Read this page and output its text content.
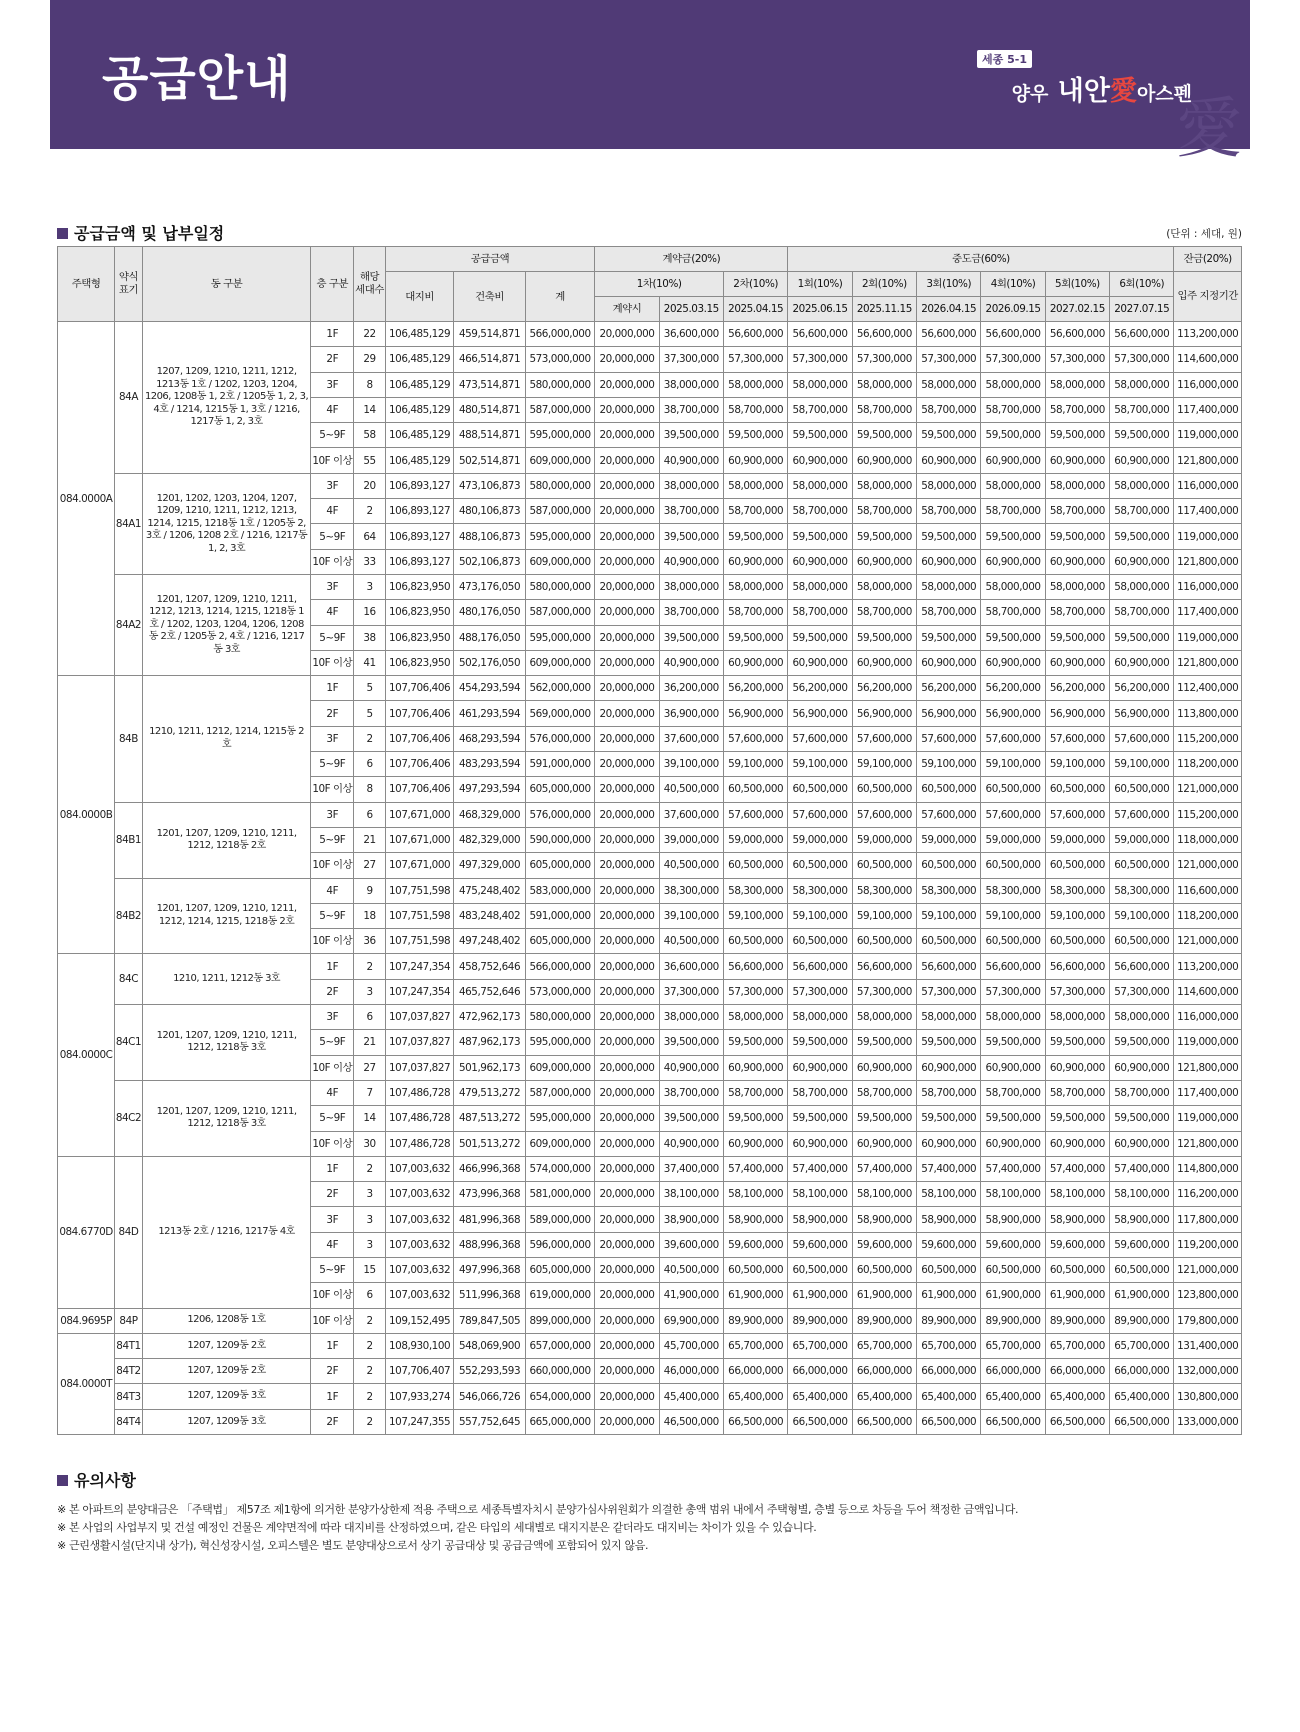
공급안내
愛
세종 5-1
양우 내안愛아스펜
공급금액 및 납부일정	(단위 : 세대, 원)
주택형	약식 표기	동 구분	층 구분	해당 세대수	공급금액			계약금(20%)			중도금(60%)						잔금(20%)
					대지비	건축비	계	1차(10%)		2차(10%)	1회(10%)	2회(10%)	3회(10%)	4회(10%)	5회(10%)	6회(10%)	입주 지정기간
								계약시	2025.03.15	2025.04.15	2025.06.15	2025.11.15	2026.04.15	2026.09.15	2027.02.15	2027.07.15	
084.0000A	84A	1207, 1209, 1210, 1211, 1212, 1213동 1호 / 1202, 1203, 1204, 1206, 1208동 1, 2호 / 1205동 1, 2, 3, 4호 / 1214, 1215동 1, 3호 / 1216, 1217동 1, 2, 3호	1F	22	106,485,129	459,514,871	566,000,000	20,000,000	36,600,000	56,600,000	56,600,000	56,600,000	56,600,000	56,600,000	56,600,000	56,600,000	113,200,000
			2F	29	106,485,129	466,514,871	573,000,000	20,000,000	37,300,000	57,300,000	57,300,000	57,300,000	57,300,000	57,300,000	57,300,000	57,300,000	114,600,000
			3F	8	106,485,129	473,514,871	580,000,000	20,000,000	38,000,000	58,000,000	58,000,000	58,000,000	58,000,000	58,000,000	58,000,000	58,000,000	116,000,000
			4F	14	106,485,129	480,514,871	587,000,000	20,000,000	38,700,000	58,700,000	58,700,000	58,700,000	58,700,000	58,700,000	58,700,000	58,700,000	117,400,000
			5~9F	58	106,485,129	488,514,871	595,000,000	20,000,000	39,500,000	59,500,000	59,500,000	59,500,000	59,500,000	59,500,000	59,500,000	59,500,000	119,000,000
			10F 이상	55	106,485,129	502,514,871	609,000,000	20,000,000	40,900,000	60,900,000	60,900,000	60,900,000	60,900,000	60,900,000	60,900,000	60,900,000	121,800,000
	84A1	1201, 1202, 1203, 1204, 1207, 1209, 1210, 1211, 1212, 1213, 1214, 1215, 1218동 1호 / 1205동 2, 3호 / 1206, 1208 2호 / 1216, 1217동 1, 2, 3호	3F	20	106,893,127	473,106,873	580,000,000	20,000,000	38,000,000	58,000,000	58,000,000	58,000,000	58,000,000	58,000,000	58,000,000	58,000,000	116,000,000
			4F	2	106,893,127	480,106,873	587,000,000	20,000,000	38,700,000	58,700,000	58,700,000	58,700,000	58,700,000	58,700,000	58,700,000	58,700,000	117,400,000
			5~9F	64	106,893,127	488,106,873	595,000,000	20,000,000	39,500,000	59,500,000	59,500,000	59,500,000	59,500,000	59,500,000	59,500,000	59,500,000	119,000,000
			10F 이상	33	106,893,127	502,106,873	609,000,000	20,000,000	40,900,000	60,900,000	60,900,000	60,900,000	60,900,000	60,900,000	60,900,000	60,900,000	121,800,000
	84A2	1201, 1207, 1209, 1210, 1211, 1212, 1213, 1214, 1215, 1218동 1호 / 1202, 1203, 1204, 1206, 1208동 2호 / 1205동 2, 4호 / 1216, 1217동 3호	3F	3	106,823,950	473,176,050	580,000,000	20,000,000	38,000,000	58,000,000	58,000,000	58,000,000	58,000,000	58,000,000	58,000,000	58,000,000	116,000,000
			4F	16	106,823,950	480,176,050	587,000,000	20,000,000	38,700,000	58,700,000	58,700,000	58,700,000	58,700,000	58,700,000	58,700,000	58,700,000	117,400,000
			5~9F	38	106,823,950	488,176,050	595,000,000	20,000,000	39,500,000	59,500,000	59,500,000	59,500,000	59,500,000	59,500,000	59,500,000	59,500,000	119,000,000
			10F 이상	41	106,823,950	502,176,050	609,000,000	20,000,000	40,900,000	60,900,000	60,900,000	60,900,000	60,900,000	60,900,000	60,900,000	60,900,000	121,800,000
084.0000B	84B	1210, 1211, 1212, 1214, 1215동 2호	1F	5	107,706,406	454,293,594	562,000,000	20,000,000	36,200,000	56,200,000	56,200,000	56,200,000	56,200,000	56,200,000	56,200,000	56,200,000	112,400,000
			2F	5	107,706,406	461,293,594	569,000,000	20,000,000	36,900,000	56,900,000	56,900,000	56,900,000	56,900,000	56,900,000	56,900,000	56,900,000	113,800,000
			3F	2	107,706,406	468,293,594	576,000,000	20,000,000	37,600,000	57,600,000	57,600,000	57,600,000	57,600,000	57,600,000	57,600,000	57,600,000	115,200,000
			5~9F	6	107,706,406	483,293,594	591,000,000	20,000,000	39,100,000	59,100,000	59,100,000	59,100,000	59,100,000	59,100,000	59,100,000	59,100,000	118,200,000
			10F 이상	8	107,706,406	497,293,594	605,000,000	20,000,000	40,500,000	60,500,000	60,500,000	60,500,000	60,500,000	60,500,000	60,500,000	60,500,000	121,000,000
	84B1	1201, 1207, 1209, 1210, 1211, 1212, 1218동 2호	3F	6	107,671,000	468,329,000	576,000,000	20,000,000	37,600,000	57,600,000	57,600,000	57,600,000	57,600,000	57,600,000	57,600,000	57,600,000	115,200,000
			5~9F	21	107,671,000	482,329,000	590,000,000	20,000,000	39,000,000	59,000,000	59,000,000	59,000,000	59,000,000	59,000,000	59,000,000	59,000,000	118,000,000
			10F 이상	27	107,671,000	497,329,000	605,000,000	20,000,000	40,500,000	60,500,000	60,500,000	60,500,000	60,500,000	60,500,000	60,500,000	60,500,000	121,000,000
	84B2	1201, 1207, 1209, 1210, 1211, 1212, 1214, 1215, 1218동 2호	4F	9	107,751,598	475,248,402	583,000,000	20,000,000	38,300,000	58,300,000	58,300,000	58,300,000	58,300,000	58,300,000	58,300,000	58,300,000	116,600,000
			5~9F	18	107,751,598	483,248,402	591,000,000	20,000,000	39,100,000	59,100,000	59,100,000	59,100,000	59,100,000	59,100,000	59,100,000	59,100,000	118,200,000
			10F 이상	36	107,751,598	497,248,402	605,000,000	20,000,000	40,500,000	60,500,000	60,500,000	60,500,000	60,500,000	60,500,000	60,500,000	60,500,000	121,000,000
084.0000C	84C	1210, 1211, 1212동 3호	1F	2	107,247,354	458,752,646	566,000,000	20,000,000	36,600,000	56,600,000	56,600,000	56,600,000	56,600,000	56,600,000	56,600,000	56,600,000	113,200,000
			2F	3	107,247,354	465,752,646	573,000,000	20,000,000	37,300,000	57,300,000	57,300,000	57,300,000	57,300,000	57,300,000	57,300,000	57,300,000	114,600,000
	84C1	1201, 1207, 1209, 1210, 1211, 1212, 1218동 3호	3F	6	107,037,827	472,962,173	580,000,000	20,000,000	38,000,000	58,000,000	58,000,000	58,000,000	58,000,000	58,000,000	58,000,000	58,000,000	116,000,000
			5~9F	21	107,037,827	487,962,173	595,000,000	20,000,000	39,500,000	59,500,000	59,500,000	59,500,000	59,500,000	59,500,000	59,500,000	59,500,000	119,000,000
			10F 이상	27	107,037,827	501,962,173	609,000,000	20,000,000	40,900,000	60,900,000	60,900,000	60,900,000	60,900,000	60,900,000	60,900,000	60,900,000	121,800,000
	84C2	1201, 1207, 1209, 1210, 1211, 1212, 1218동 3호	4F	7	107,486,728	479,513,272	587,000,000	20,000,000	38,700,000	58,700,000	58,700,000	58,700,000	58,700,000	58,700,000	58,700,000	58,700,000	117,400,000
			5~9F	14	107,486,728	487,513,272	595,000,000	20,000,000	39,500,000	59,500,000	59,500,000	59,500,000	59,500,000	59,500,000	59,500,000	59,500,000	119,000,000
			10F 이상	30	107,486,728	501,513,272	609,000,000	20,000,000	40,900,000	60,900,000	60,900,000	60,900,000	60,900,000	60,900,000	60,900,000	60,900,000	121,800,000
084.6770D	84D	1213동 2호 / 1216, 1217동 4호	1F	2	107,003,632	466,996,368	574,000,000	20,000,000	37,400,000	57,400,000	57,400,000	57,400,000	57,400,000	57,400,000	57,400,000	57,400,000	114,800,000
			2F	3	107,003,632	473,996,368	581,000,000	20,000,000	38,100,000	58,100,000	58,100,000	58,100,000	58,100,000	58,100,000	58,100,000	58,100,000	116,200,000
			3F	3	107,003,632	481,996,368	589,000,000	20,000,000	38,900,000	58,900,000	58,900,000	58,900,000	58,900,000	58,900,000	58,900,000	58,900,000	117,800,000
			4F	3	107,003,632	488,996,368	596,000,000	20,000,000	39,600,000	59,600,000	59,600,000	59,600,000	59,600,000	59,600,000	59,600,000	59,600,000	119,200,000
			5~9F	15	107,003,632	497,996,368	605,000,000	20,000,000	40,500,000	60,500,000	60,500,000	60,500,000	60,500,000	60,500,000	60,500,000	60,500,000	121,000,000
			10F 이상	6	107,003,632	511,996,368	619,000,000	20,000,000	41,900,000	61,900,000	61,900,000	61,900,000	61,900,000	61,900,000	61,900,000	61,900,000	123,800,000
084.9695P	84P	1206, 1208동 1호	10F 이상	2	109,152,495	789,847,505	899,000,000	20,000,000	69,900,000	89,900,000	89,900,000	89,900,000	89,900,000	89,900,000	89,900,000	89,900,000	179,800,000
084.0000T	84T1	1207, 1209동 2호	1F	2	108,930,100	548,069,900	657,000,000	20,000,000	45,700,000	65,700,000	65,700,000	65,700,000	65,700,000	65,700,000	65,700,000	65,700,000	131,400,000
	84T2	1207, 1209동 2호	2F	2	107,706,407	552,293,593	660,000,000	20,000,000	46,000,000	66,000,000	66,000,000	66,000,000	66,000,000	66,000,000	66,000,000	66,000,000	132,000,000
	84T3	1207, 1209동 3호	1F	2	107,933,274	546,066,726	654,000,000	20,000,000	45,400,000	65,400,000	65,400,000	65,400,000	65,400,000	65,400,000	65,400,000	65,400,000	130,800,000
	84T4	1207, 1209동 3호	2F	2	107,247,355	557,752,645	665,000,000	20,000,000	46,500,000	66,500,000	66,500,000	66,500,000	66,500,000	66,500,000	66,500,000	66,500,000	133,000,000
유의사항
※ 본 아파트의 분양대금은 「주택법」 제57조 제1항에 의거한 분양가상한제 적용 주택으로 세종특별자치시 분양가심사위원회가 의결한 총액 범위 내에서 주택형별, 층별 등으로 차등을 두어 책정한 금액입니다.
※ 본 사업의 사업부지 및 건설 예정인 건물은 계약면적에 따라 대지비를 산정하였으며, 같은 타입의 세대별로 대지지분은 같더라도 대지비는 차이가 있을 수 있습니다.
※ 근린생활시설(단지내 상가), 혁신성장시설, 오피스텔은 별도 분양대상으로서 상기 공급대상 및 공급금액에 포함되어 있지 않음.
